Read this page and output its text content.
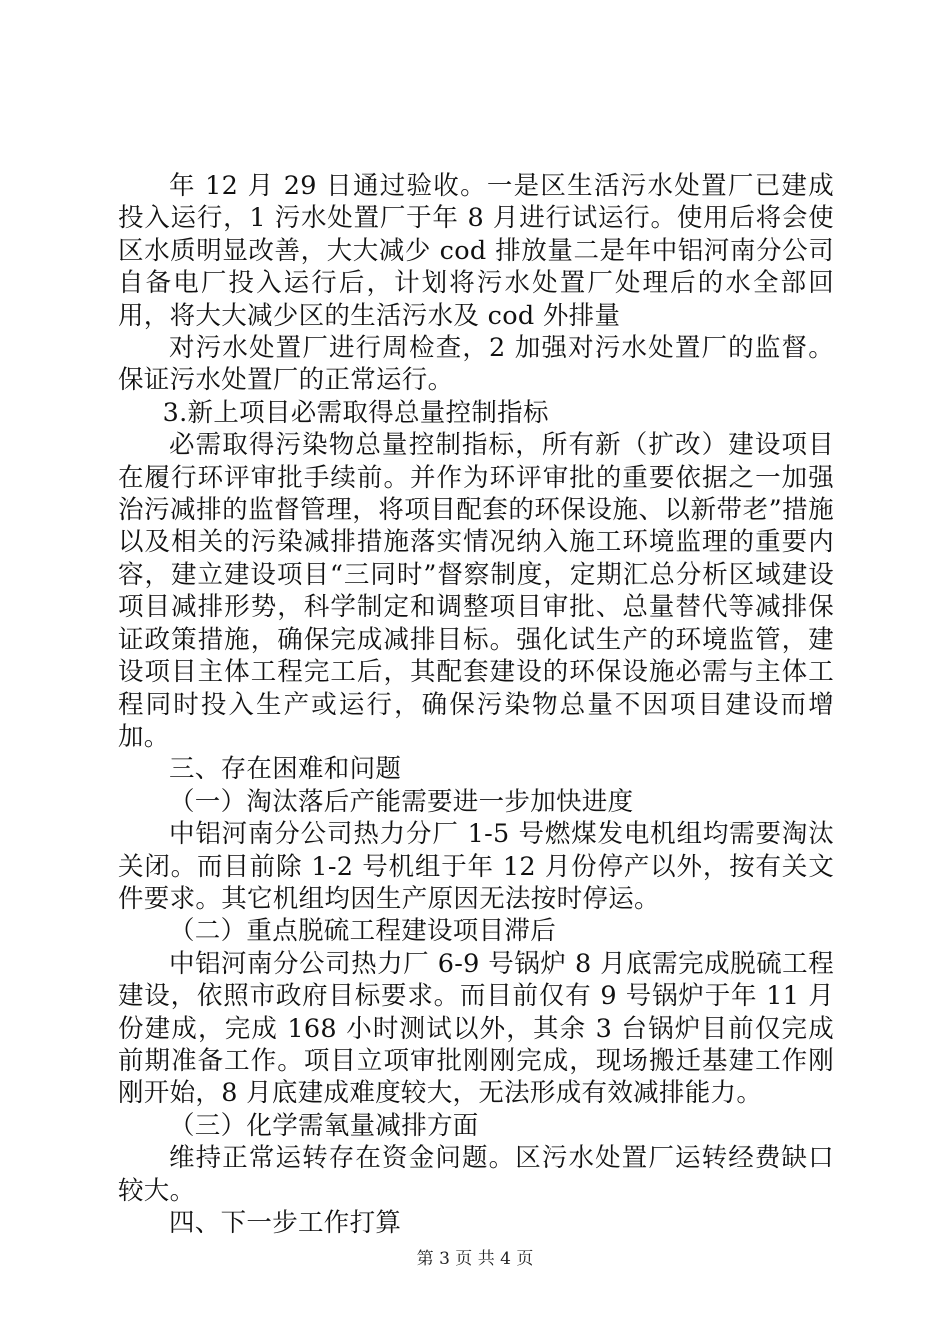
年 12 月 29 日通过验收。一是区生活污水处置厂已建成投入运行，1 污水处置厂于年 8 月进行试运行。使用后将会使区水质明显改善，大大减少 cod 排放量二是年中铝河南分公司自备电厂投入运行后，计划将污水处置厂处理后的水全部回用，将大大减少区的生活污水及 cod 外排量

对污水处置厂进行周检查，2 加强对污水处置厂的监督。保证污水处置厂的正常运行。

3.新上项目必需取得总量控制指标

必需取得污染物总量控制指标，所有新（扩改）建设项目在履行环评审批手续前。并作为环评审批的重要依据之一加强治污减排的监督管理，将项目配套的环保设施、以新带老”措施以及相关的污染减排措施落实情况纳入施工环境监理的重要内容，建立建设项目“三同时”督察制度，定期汇总分析区域建设项目减排形势，科学制定和调整项目审批、总量替代等减排保证政策措施，确保完成减排目标。强化试生产的环境监管，建设项目主体工程完工后，其配套建设的环保设施必需与主体工程同时投入生产或运行，确保污染物总量不因项目建设而增加。

三、存在困难和问题

（一）淘汰落后产能需要进一步加快进度

中铝河南分公司热力分厂 1-5 号燃煤发电机组均需要淘汰关闭。而目前除 1-2 号机组于年 12 月份停产以外，按有关文件要求。其它机组均因生产原因无法按时停运。

（二）重点脱硫工程建设项目滞后

中铝河南分公司热力厂 6-9 号锅炉 8 月底需完成脱硫工程建设，依照市政府目标要求。而目前仅有 9 号锅炉于年 11 月份建成，完成 168 小时测试以外，其余 3 台锅炉目前仅完成前期准备工作。项目立项审批刚刚完成，现场搬迁基建工作刚刚开始，8 月底建成难度较大，无法形成有效减排能力。

（三）化学需氧量减排方面

维持正常运转存在资金问题。区污水处置厂运转经费缺口较大。

四、下一步工作打算

第 3 页 共 4 页
